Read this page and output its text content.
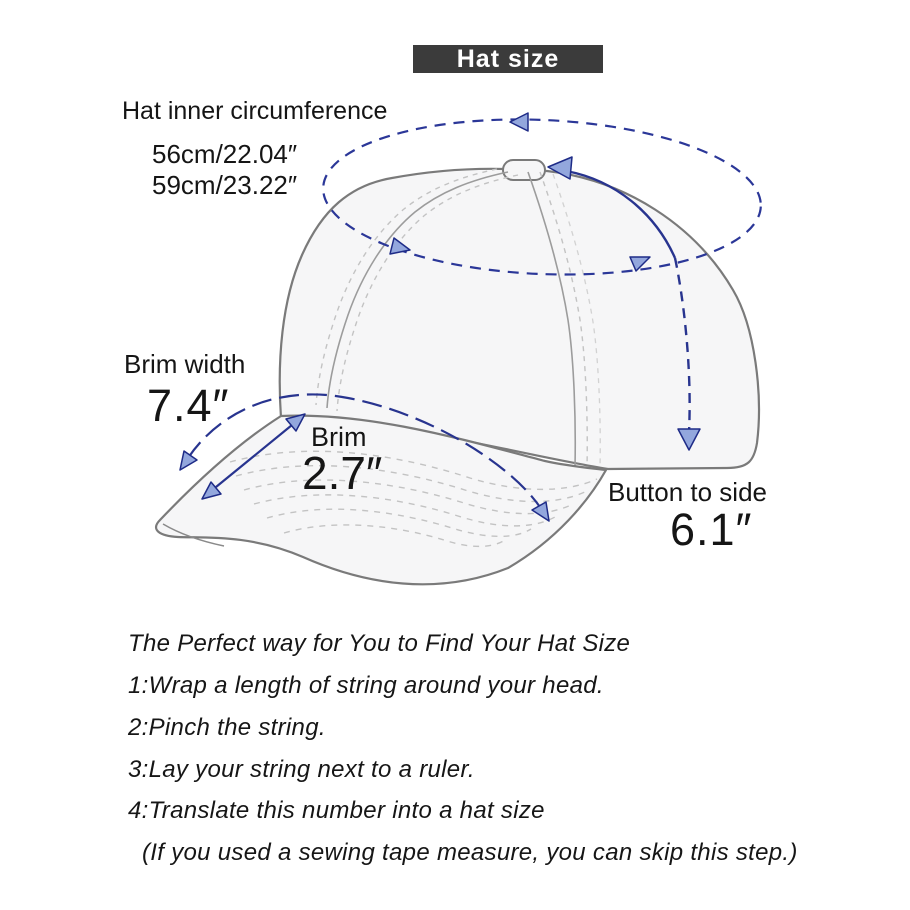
Hat size
Hat inner circumference
56cm/22.04″
59cm/23.22″
Brim width
7.4″
Brim
2.7″	Button to side
6.1″
The Perfect way for You to Find Your Hat Size
1:Wrap a length of string around your head.
2:Pinch the string.
3:Lay your string next to a ruler.
4:Translate this number into a hat size
(If you used a sewing tape measure, you can skip this step.)
